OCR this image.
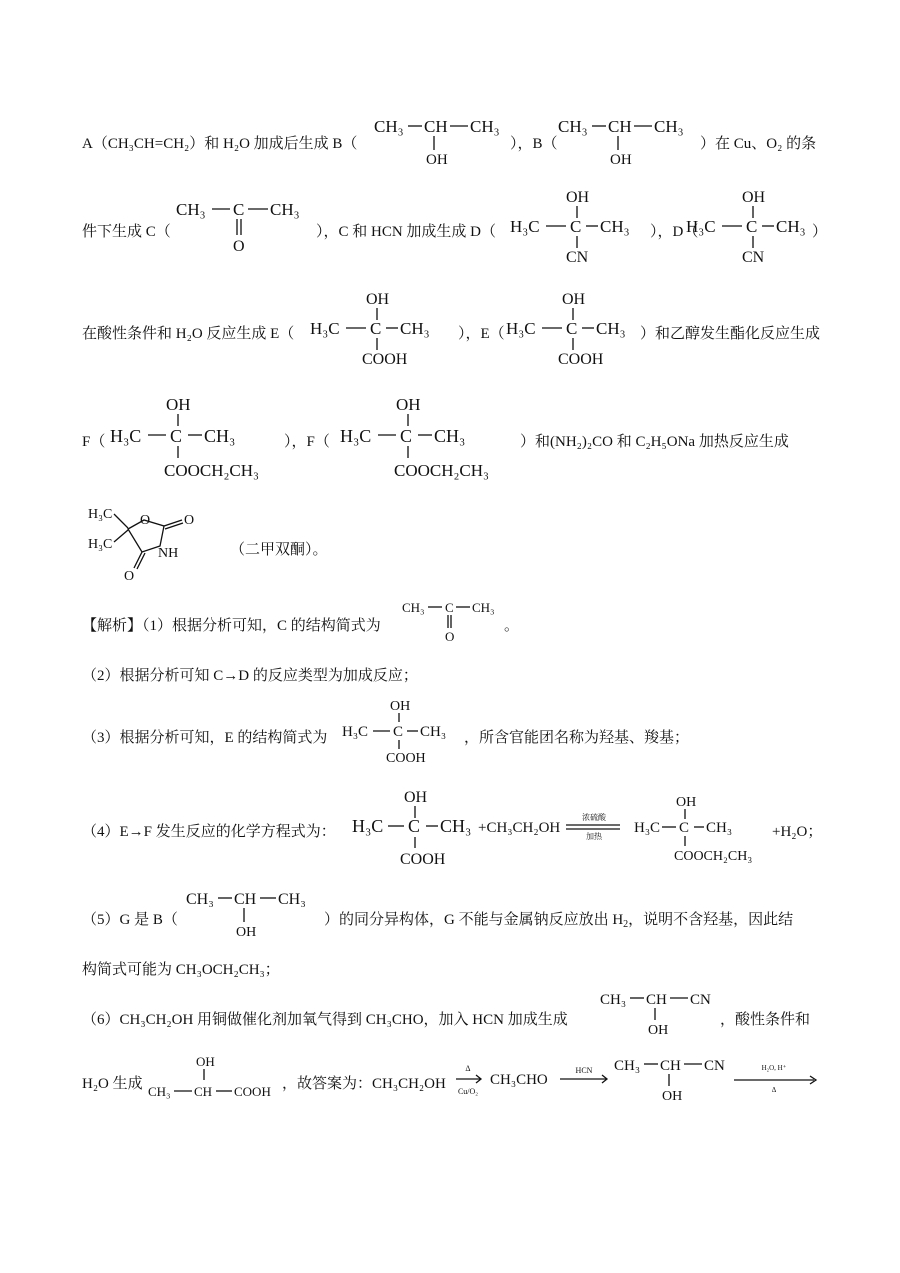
A（CH₃CH=CH₂）和 H₂O 加成后生成 B（
CH₃ CH CH₃
OH
），B（
CH₃ CH CH₃
OH
）在 Cu、O₂ 的条
件下生成 C（
CH₃ C CH₃
O
），C 和 HCN 加成生成 D（
OH
H₃C C CH₃
CN
），D（
OH
H₃C C CH₃
CN
）
在酸性条件和 H₂O 反应生成 E（
OH
H₃C C CH₃
COOH
），E（
OH
H₃C C CH₃
COOH
）和乙醇发生酯化反应生成
F（
OH
H₃C C CH₃
COOCH₂CH₃
），F（
OH
H₃C C CH₃
COOCH₂CH₃
）和(NH₂)₂CO 和 C₂H₅ONa 加热反应生成
H₃C
H₃C
O O
NH
O
（二甲双酮）。
【解析】（1）根据分析可知，C 的结构简式为
CH₃ C CH₃
O
。
（2）根据分析可知 C→D 的反应类型为加成反应；
（3）根据分析可知，E 的结构简式为
OH
H₃C C CH₃
COOH
，所含官能团名称为羟基、羧基；
（4）E→F 发生反应的化学方程式为：
OH
H₃C C CH₃
COOH
+CH₃CH₂OH
浓硫酸
加热
OH
H₃C C CH₃
COOCH₂CH₃
+H₂O；
（5）G 是 B（
CH₃ CH CH₃
OH
）的同分异构体，G 不能与金属钠反应放出 $H_2$，说明不含羟基，因此结
构简式可能为 CH₃OCH₂CH₃；
（6）CH₃CH₂OH 用铜做催化剂加氧气得到 CH₃CHO，加入 HCN 加成生成
CH₃ CH CN
OH
，酸性条件和
H₂O 生成
OH
CH₃ CH COOH ，故答案为：CH₃CH₂OH
Δ
Cu/O₂
CH₃CHO
HCN CH₃ CH CN
OH
H₂O, H⁺
Δ
